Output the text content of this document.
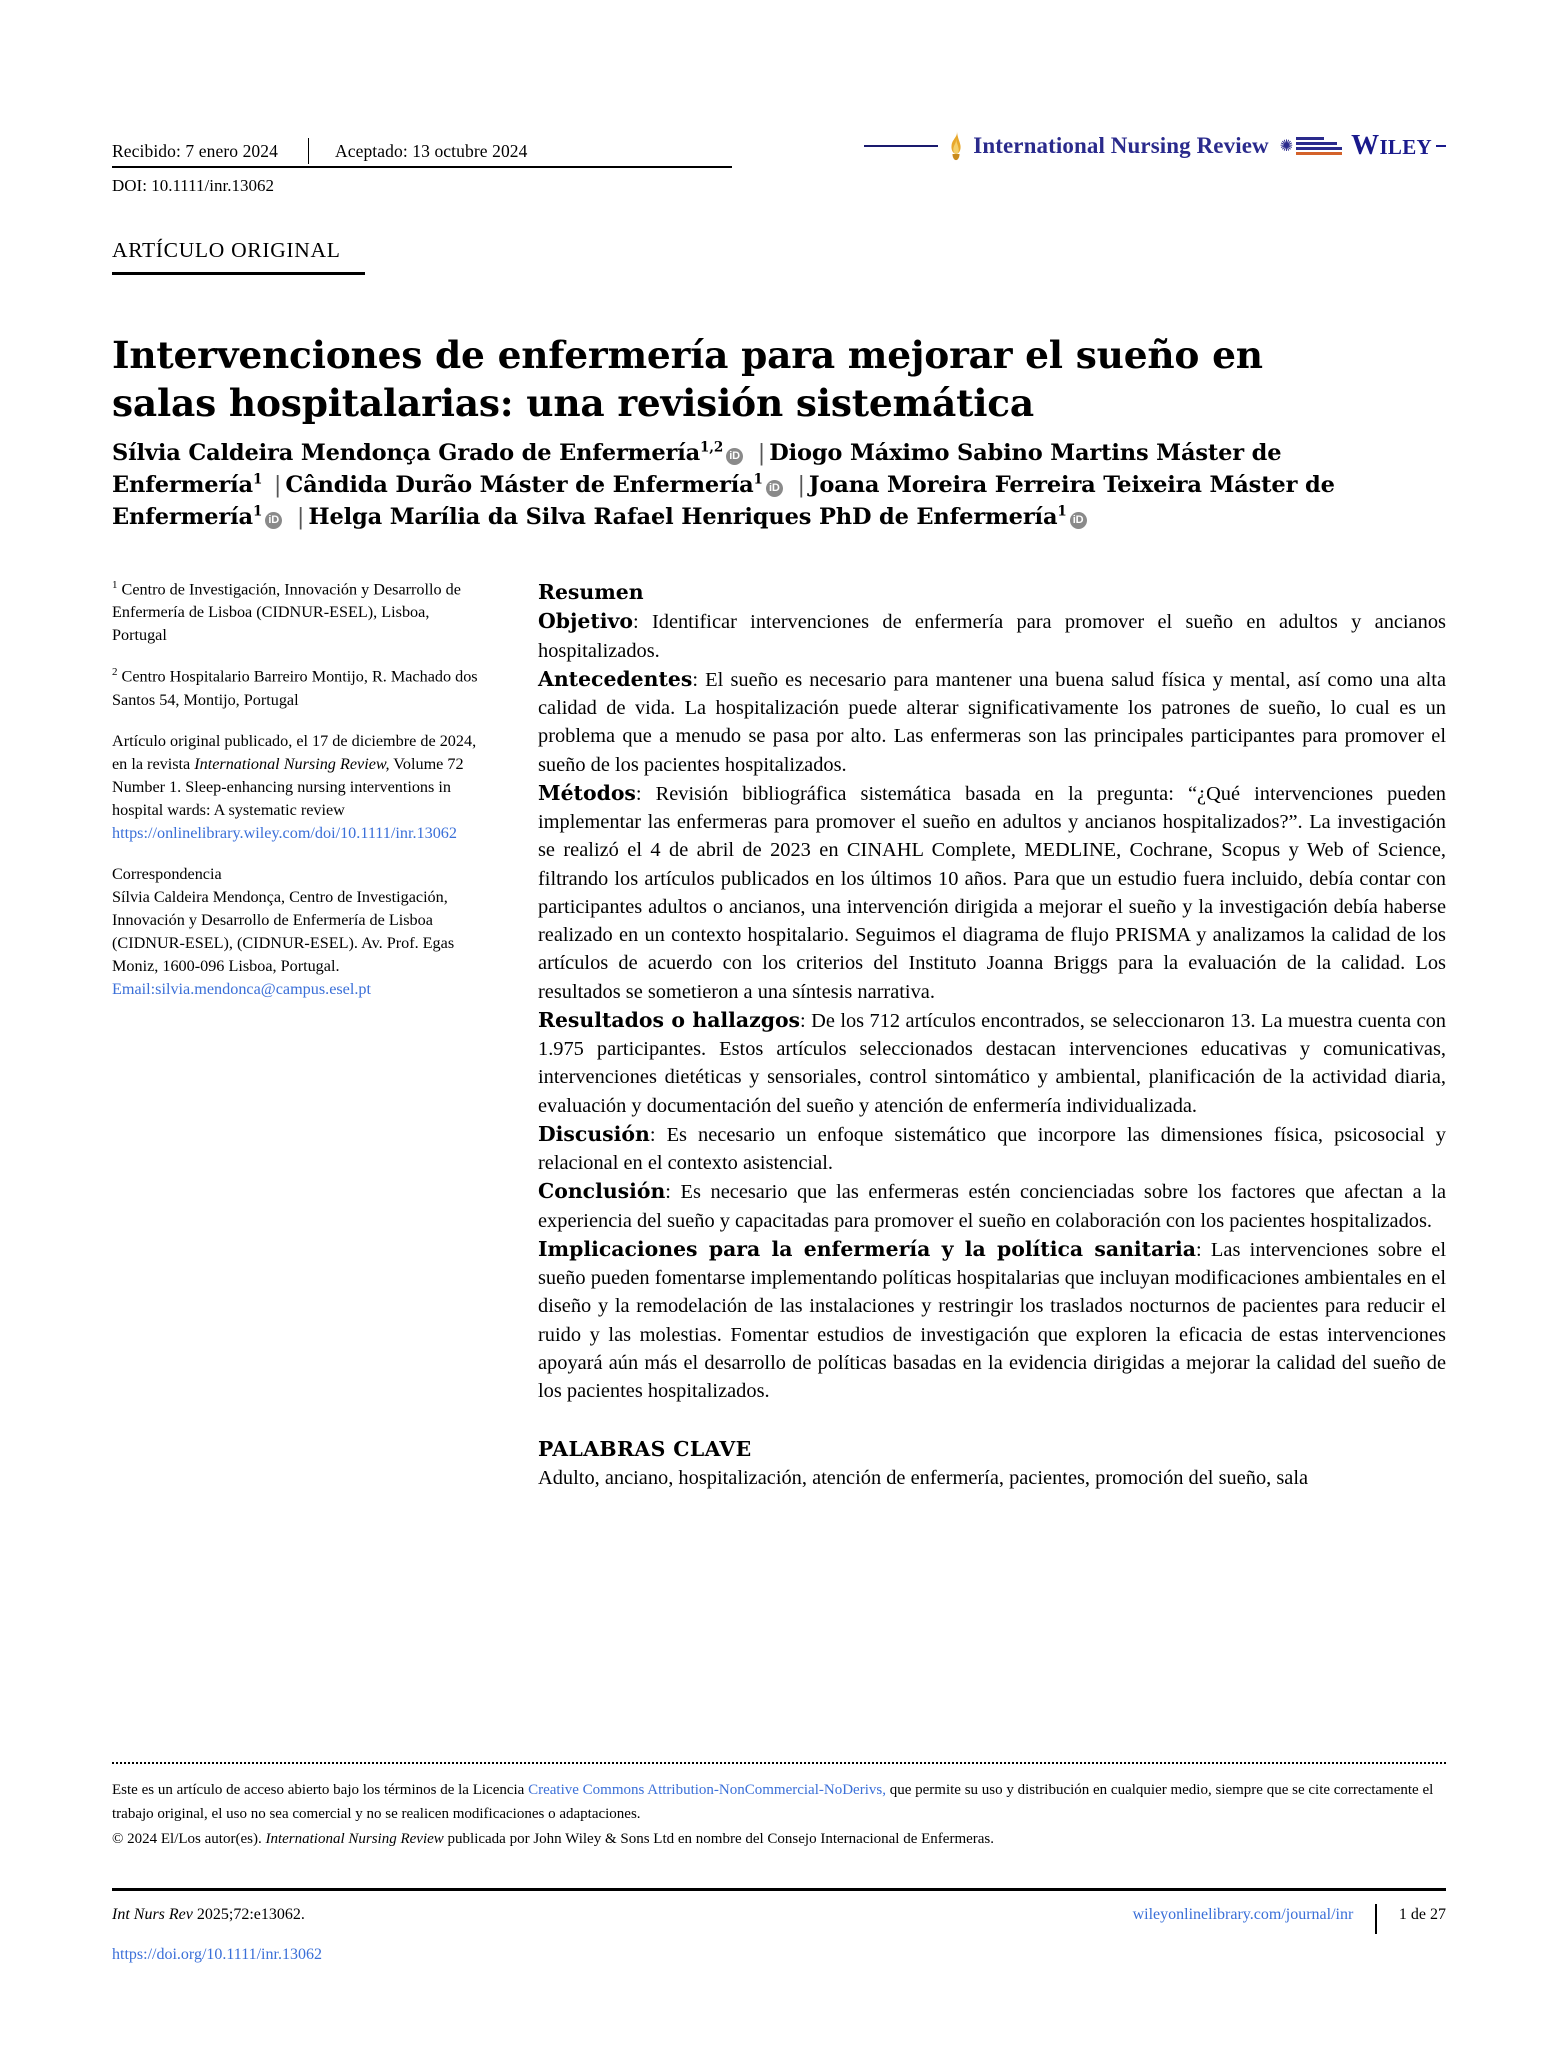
Recibido: 7 enero 2024	Aceptado: 13 octubre 2024	International Nursing Review ✺ WILEY
DOI: 10.1111/inr.13062
ARTÍCULO ORIGINAL
Intervenciones de enfermería para mejorar el sueño en salas hospitalarias: una revisión sistemática
Sílvia Caldeira Mendonça Grado de Enfermería$^{1,2}$iD | Diogo Máximo Sabino Martins Máster de Enfermería$^1$ | Cândida Durão Máster de Enfermería$^1$iD | Joana Moreira Ferreira Teixeira Máster de Enfermería$^1$iD | Helga Marília da Silva Rafael Henriques PhD de Enfermería$^1$iD
$^1$ Centro de Investigación, Innovación y Desarrollo de Enfermería de Lisboa (CIDNUR-ESEL), Lisboa, Portugal
$^2$ Centro Hospitalario Barreiro Montijo, R. Machado dos Santos 54, Montijo, Portugal
Artículo original publicado, el 17 de diciembre de 2024, en la revista International Nursing Review, Volume 72 Number 1. Sleep-enhancing nursing interventions in hospital wards: A systematic review
https://onlinelibrary.wiley.com/doi/10.1111/inr.13062
Correspondencia
Sílvia Caldeira Mendonça, Centro de Investigación, Innovación y Desarrollo de Enfermería de Lisboa (CIDNUR-ESEL), (CIDNUR-ESEL). Av. Prof. Egas Moniz, 1600-096 Lisboa, Portugal.
Email:silvia.mendonca@campus.esel.pt

Resumen

Objetivo: Identificar intervenciones de enfermería para promover el sueño en adultos y ancianos hospitalizados.

Antecedentes: El sueño es necesario para mantener una buena salud física y mental, así como una alta calidad de vida. La hospitalización puede alterar significativamente los patrones de sueño, lo cual es un problema que a menudo se pasa por alto. Las enfermeras son las principales participantes para promover el sueño de los pacientes hospitalizados.

Métodos: Revisión bibliográfica sistemática basada en la pregunta: “¿Qué intervenciones pueden implementar las enfermeras para promover el sueño en adultos y ancianos hospitalizados?”. La investigación se realizó el 4 de abril de 2023 en CINAHL Complete, MEDLINE, Cochrane, Scopus y Web of Science, filtrando los artículos publicados en los últimos 10 años. Para que un estudio fuera incluido, debía contar con participantes adultos o ancianos, una intervención dirigida a mejorar el sueño y la investigación debía haberse realizado en un contexto hospitalario. Seguimos el diagrama de flujo PRISMA y analizamos la calidad de los artículos de acuerdo con los criterios del Instituto Joanna Briggs para la evaluación de la calidad. Los resultados se sometieron a una síntesis narrativa.

Resultados o hallazgos: De los 712 artículos encontrados, se seleccionaron 13. La muestra cuenta con 1.975 participantes. Estos artículos seleccionados destacan intervenciones educativas y comunicativas, intervenciones dietéticas y sensoriales, control sintomático y ambiental, planificación de la actividad diaria, evaluación y documentación del sueño y atención de enfermería individualizada.

Discusión: Es necesario un enfoque sistemático que incorpore las dimensiones física, psicosocial y relacional en el contexto asistencial.

Conclusión: Es necesario que las enfermeras estén concienciadas sobre los factores que afectan a la experiencia del sueño y capacitadas para promover el sueño en colaboración con los pacientes hospitalizados.

Implicaciones para la enfermería y la política sanitaria: Las intervenciones sobre el sueño pueden fomentarse implementando políticas hospitalarias que incluyan modificaciones ambientales en el diseño y la remodelación de las instalaciones y restringir los traslados nocturnos de pacientes para reducir el ruido y las molestias. Fomentar estudios de investigación que exploren la eficacia de estas intervenciones apoyará aún más el desarrollo de políticas basadas en la evidencia dirigidas a mejorar la calidad del sueño de los pacientes hospitalizados.

PALABRAS CLAVE

Adulto, anciano, hospitalización, atención de enfermería, pacientes, promoción del sueño, sala

Este es un artículo de acceso abierto bajo los términos de la Licencia Creative Commons Attribution-NonCommercial-NoDerivs, que permite su uso y distribución en cualquier medio, siempre que se cite correctamente el trabajo original, el uso no sea comercial y no se realicen modificaciones o adaptaciones.
© 2024 El/Los autor(es). International Nursing Review publicada por John Wiley & Sons Ltd en nombre del Consejo Internacional de Enfermeras.
Int Nurs Rev 2025;72:e13062.	wileyonlinelibrary.com/journal/inr	1 de 27
https://doi.org/10.1111/inr.13062
